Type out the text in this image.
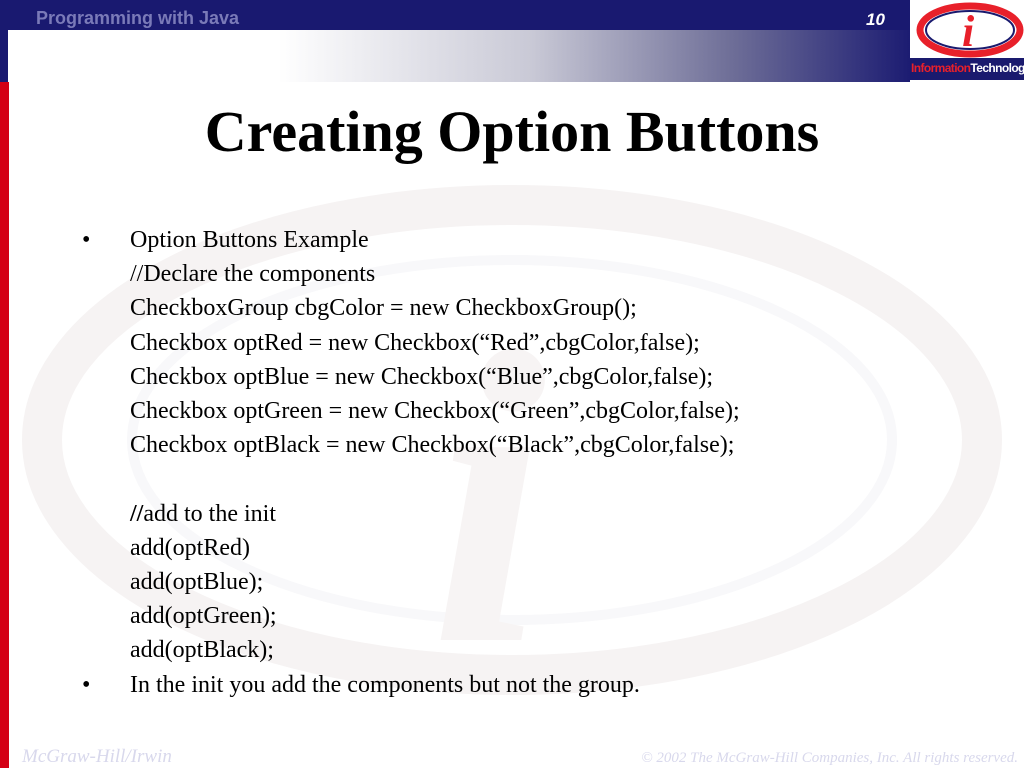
Programming with Java	10 i
InformationTechnology
i
Creating Option Buttons
• Option Buttons Example
//Declare the components
CheckboxGroup cbgColor = new CheckboxGroup();
Checkbox optRed = new Checkbox(“Red”,cbgColor,false);
Checkbox optBlue = new Checkbox(“Blue”,cbgColor,false);
Checkbox optGreen = new Checkbox(“Green”,cbgColor,false);
Checkbox optBlack = new Checkbox(“Black”,cbgColor,false);
//add to the init
add(optRed)
add(optBlue);
add(optGreen);
add(optBlack);
• In the init you add the components but not the group.
McGraw-Hill/Irwin	© 2002 The McGraw-Hill Companies, Inc. All rights reserved.
